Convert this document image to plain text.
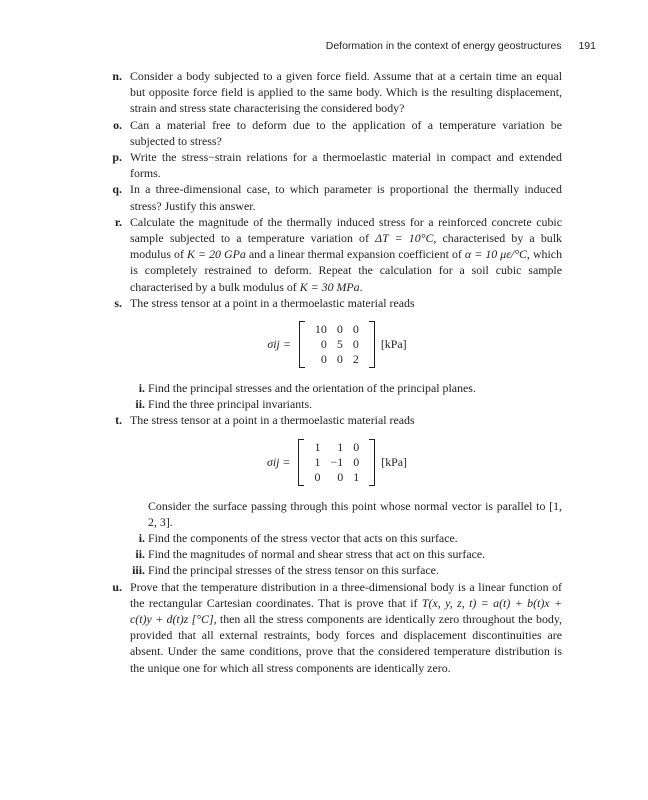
Deformation in the context of energy geostructures 191
n. Consider a body subjected to a given force field. Assume that at a certain time an equal but opposite force field is applied to the same body. Which is the resulting displacement, strain and stress state characterising the considered body?
o. Can a material free to deform due to the application of a temperature variation be subjected to stress?
p. Write the stress−strain relations for a thermoelastic material in compact and extended forms.
q. In a three-dimensional case, to which parameter is proportional the thermally induced stress? Justify this answer.
r. Calculate the magnitude of the thermally induced stress for a reinforced concrete cubic sample subjected to a temperature variation of ΔT = 10°C, characterised by a bulk modulus of K = 20 GPa and a linear thermal expansion coefficient of α = 10 με/°C, which is completely restrained to deform. Repeat the calculation for a soil cubic sample characterised by a bulk modulus of K = 30 MPa.
s. The stress tensor at a point in a thermoelastic material reads
σij =
10	0	0
0	5	0
0	0	2
[kPa]
i. Find the principal stresses and the orientation of the principal planes.
ii. Find the three principal invariants.
t. The stress tensor at a point in a thermoelastic material reads
σij =
1	1	0
1	−1	0
0	0	1
[kPa]
Consider the surface passing through this point whose normal vector is parallel to [1, 2, 3].
i. Find the components of the stress vector that acts on this surface.
ii. Find the magnitudes of normal and shear stress that act on this surface.
iii. Find the principal stresses of the stress tensor on this surface.
u. Prove that the temperature distribution in a three-dimensional body is a linear function of the rectangular Cartesian coordinates. That is prove that if T(x, y, z, t) = a(t) + b(t)x + c(t)y + d(t)z [°C], then all the stress components are identically zero throughout the body, provided that all external restraints, body forces and displacement discontinuities are absent. Under the same conditions, prove that the considered temperature distribution is the unique one for which all stress components are identically zero.
